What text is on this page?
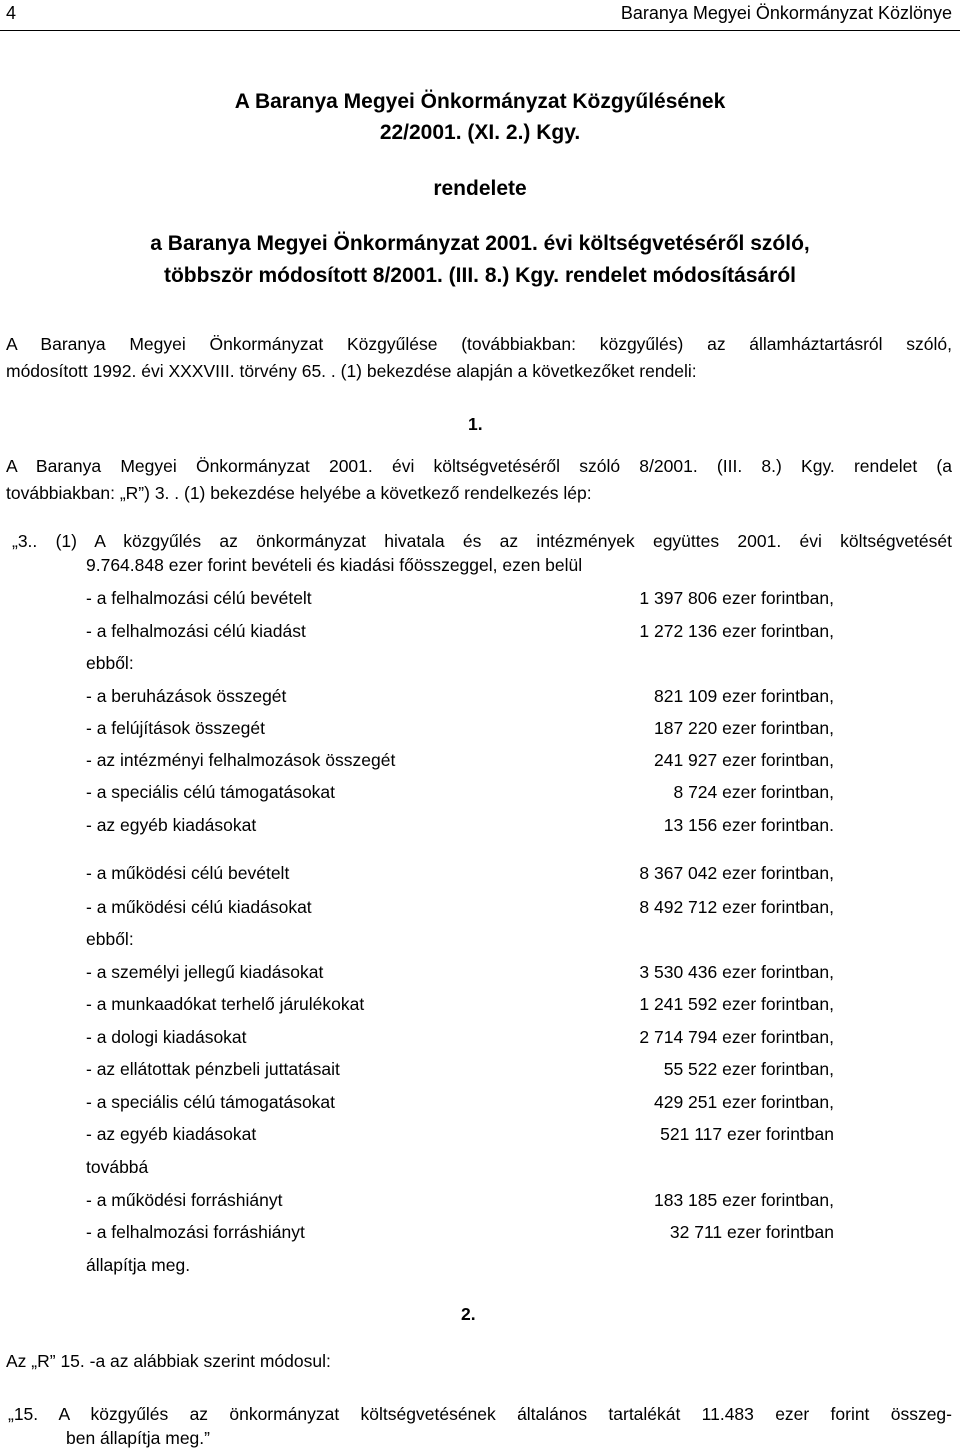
4	Baranya Megyei Önkormányzat Közlönye
A Baranya Megyei Önkormányzat Közgyűlésének
22/2001. (XI. 2.) Kgy.
rendelete
a Baranya Megyei Önkormányzat 2001. évi költségvetéséről szóló,
többször módosított 8/2001. (III. 8.) Kgy. rendelet módosításáról
A Baranya Megyei Önkormányzat Közgyűlése (továbbiakban: közgyűlés) az államháztartásról szóló,
módosított 1992. évi XXXVIII. törvény 65. . (1) bekezdése alapján a következőket rendeli:
1.
A Baranya Megyei Önkormányzat 2001. évi költségvetéséről szóló 8/2001. (III. 8.) Kgy. rendelet (a
továbbiakban: „R”) 3. . (1) bekezdése helyébe a következő rendelkezés lép:
„3.. (1) A közgyűlés az önkormányzat hivatala és az intézmények együttes 2001. évi költségvetését
9.764.848 ezer forint bevételi és kiadási főösszeggel, ezen belül
- a felhalmozási célú bevételt	1 397 806 ezer forintban,
- a felhalmozási célú kiadást	1 272 136 ezer forintban,
ebből:
- a beruházások összegét	821 109 ezer forintban,
- a felújítások összegét	187 220 ezer forintban,
- az intézményi felhalmozások összegét	241 927 ezer forintban,
- a speciális célú támogatásokat	8 724 ezer forintban,
- az egyéb kiadásokat	13 156 ezer forintban.
- a működési célú bevételt	8 367 042 ezer forintban,
- a működési célú kiadásokat	8 492 712 ezer forintban,
ebből:
- a személyi jellegű kiadásokat	3 530 436 ezer forintban,
- a munkaadókat terhelő járulékokat	1 241 592 ezer forintban,
- a dologi kiadásokat	2 714 794 ezer forintban,
- az ellátottak pénzbeli juttatásait	55 522 ezer forintban,
- a speciális célú támogatásokat	429 251 ezer forintban,
- az egyéb kiadásokat	521 117 ezer forintban
továbbá
- a működési forráshiányt	183 185 ezer forintban,
- a felhalmozási forráshiányt	32 711 ezer forintban
állapítja meg.
2.
Az „R” 15. -a az alábbiak szerint módosul:
„15. A közgyűlés az önkormányzat költségvetésének általános tartalékát 11.483 ezer forint összeg-
ben állapítja meg.”
